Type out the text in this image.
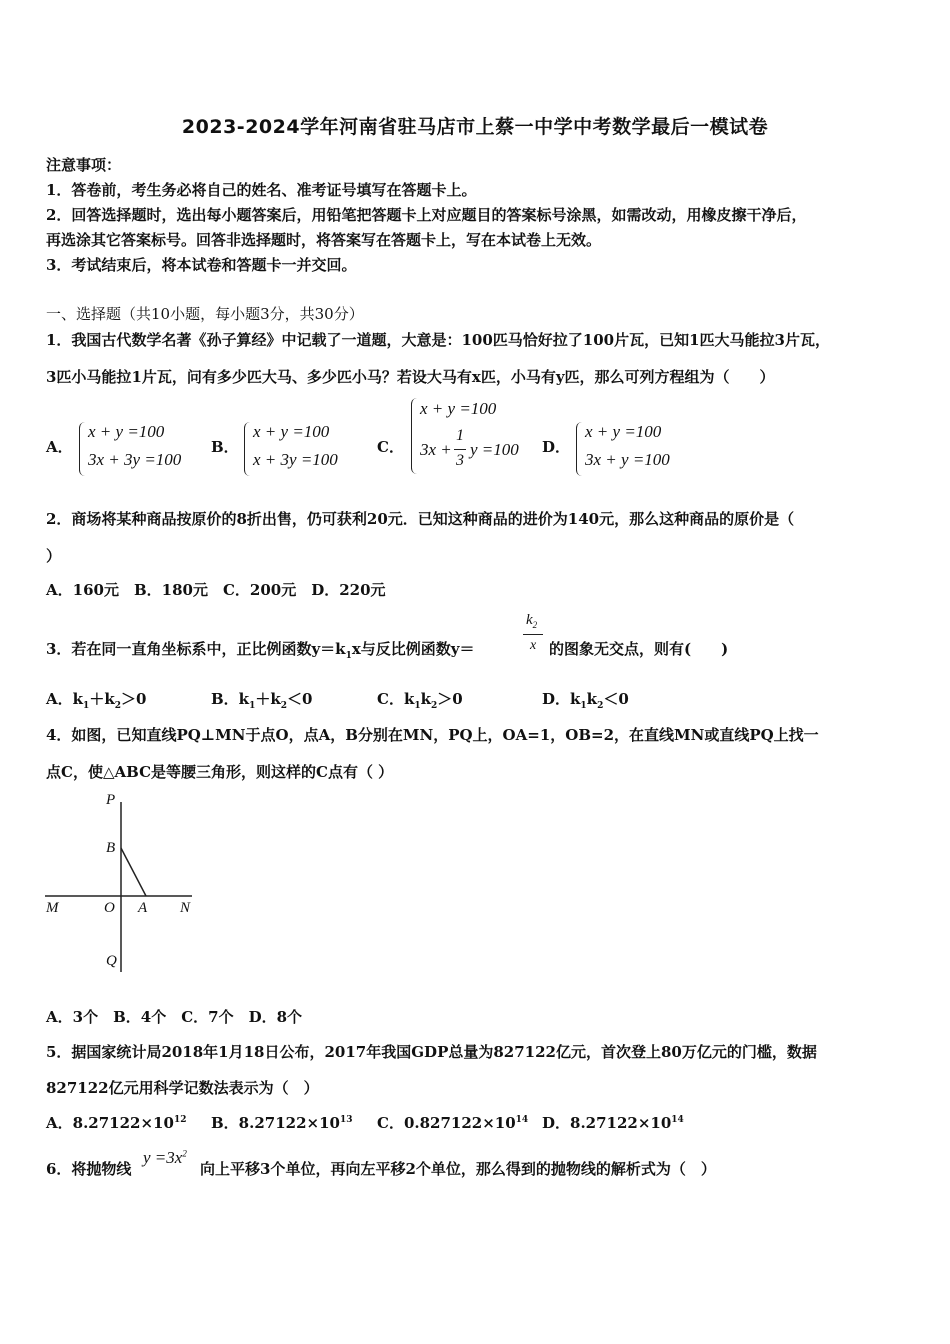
2023-2024学年河南省驻马店市上蔡一中学中考数学最后一模试卷
注意事项：
1．答卷前，考生务必将自己的姓名、准考证号填写在答题卡上。
2．回答选择题时，选出每小题答案后，用铅笔把答题卡上对应题目的答案标号涂黑，如需改动，用橡皮擦干净后，
再选涂其它答案标号。回答非选择题时，将答案写在答题卡上，写在本试卷上无效。
3．考试结束后，将本试卷和答题卡一并交回。
一、选择题（共10小题，每小题3分，共30分）
1．我国古代数学名著《孙子算经》中记载了一道题，大意是：100匹马恰好拉了100片瓦，已知1匹大马能拉3片瓦，
3匹小马能拉1片瓦，问有多少匹大马、多少匹小马？若设大马有x匹，小马有y匹，那么可列方程组为（　　）
A．
x + y =100
3x + 3y =100
B．
x + y =100
x + 3y =100
C．
x + y =100
3x +
1
3
y =100 D．
x + y =100
3x + y =100
2．商场将某种商品按原价的8折出售，仍可获利20元．已知这种商品的进价为140元，那么这种商品的原价是（
）
A．160元　B．180元　C．200元　D．220元
3．若在同一直角坐标系中，正比例函数$y=k_1x$与反比例函数y＝
$k_2$
x 的图象无交点，则有(　　)
A．$k_1+k_2>0$	B．$k_1+k_2<0$	C．$k_1k_2>0$	D．$k_1k_2<0$
4．如图，已知直线PQ⊥MN于点O，点A，B分别在MN，PQ上，OA=1，OB=2，在直线MN或直线PQ上找一
点C，使△ABC是等腰三角形，则这样的C点有（ ）
P
B
M	O A N
Q
A．3个　B．4个　C．7个　D．8个
5．据国家统计局2018年1月18日公布，2017年我国GDP总量为827122亿元，首次登上80万亿元的门槛，数据
827122亿元用科学记数法表示为（　）
A．$8.27122\times 10^{12}$ B．$8.27122\times 10^{13}$ C．$0.827122\times 10^{14}$ D．$8.27122\times 10^{14}$
6．将抛物线
$y =3x^2$
向上平移3个单位，再向左平移2个单位，那么得到的抛物线的解析式为（　）
